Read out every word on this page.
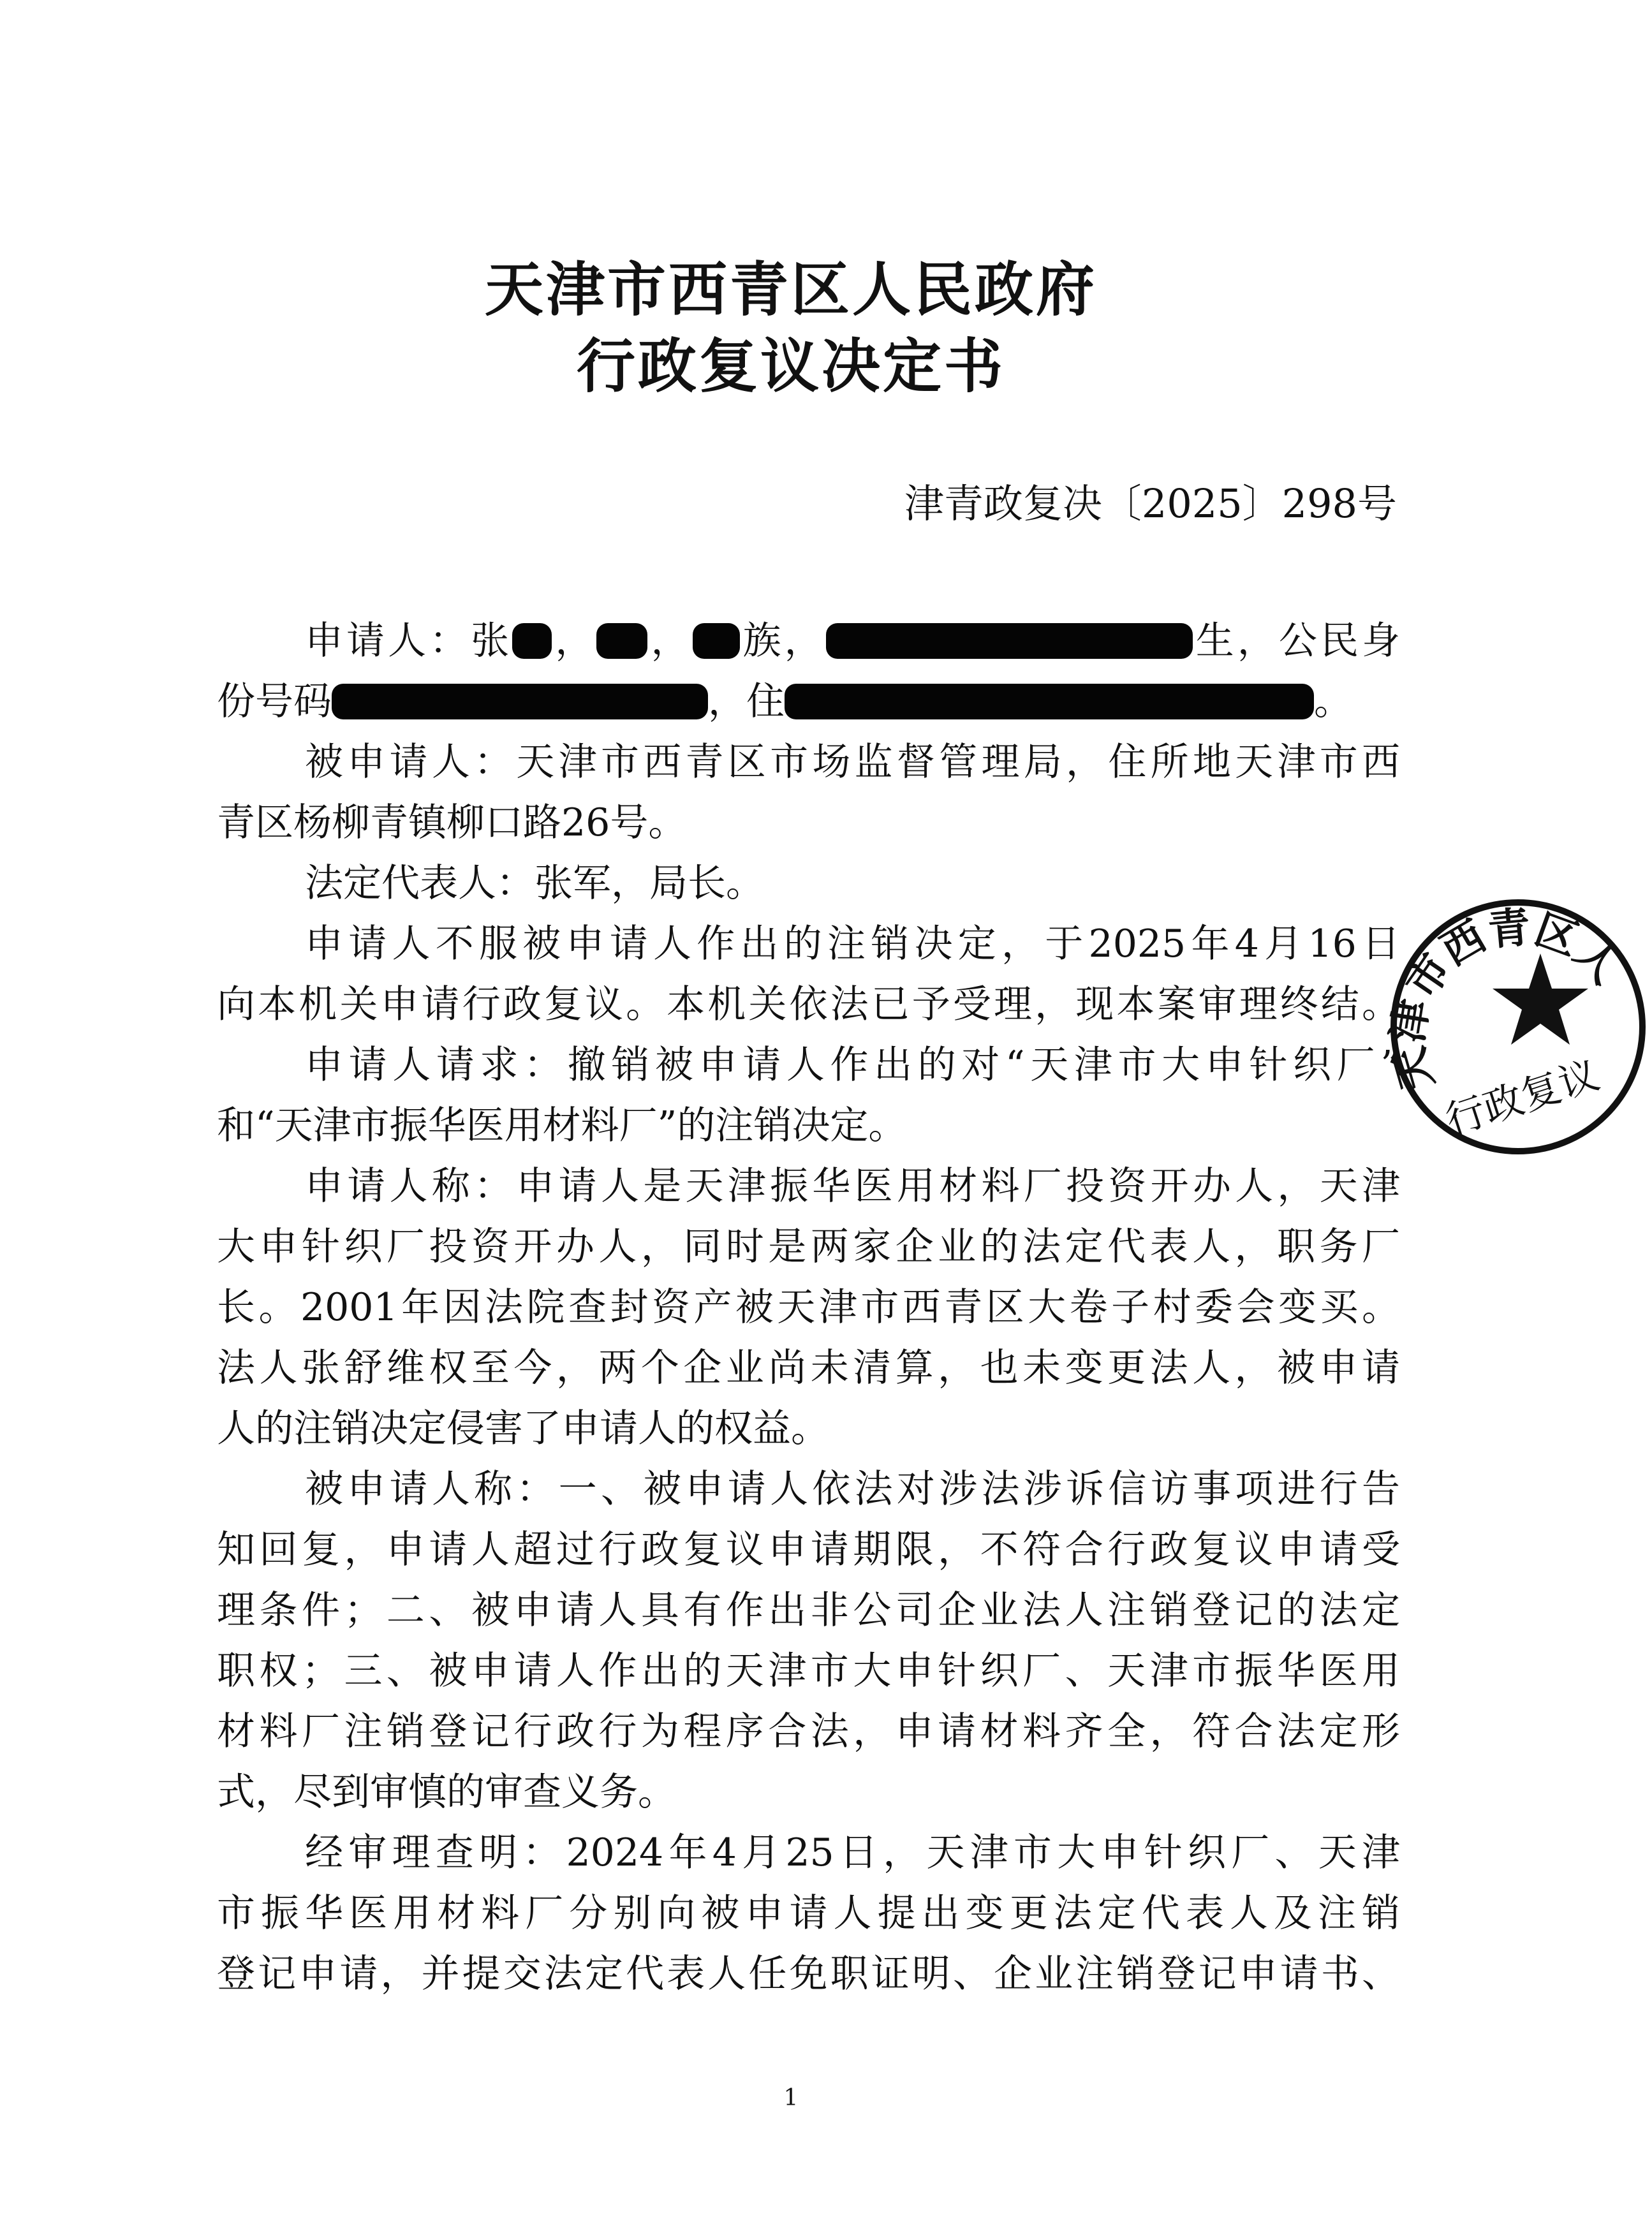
天津市西青区人民政府
行政复议决定书
津青政复决〔2025〕298号
申请人：张 ， ， 族，	生，公民身
份号码	，住	。
被申请人：天津市西青区市场监督管理局，住所地天津市西
青区杨柳青镇柳口路26号。
法定代表人：张军，局长。
申请人不服被申请人作出的注销决定，于2025年4月16日
向本机关申请行政复议。本机关依法已予受理，现本案审理终结。
申请人请求：撤销被申请人作出的对“天津市大申针织厂”
和“天津市振华医用材料厂”的注销决定。
申请人称：申请人是天津振华医用材料厂投资开办人，天津
大申针织厂投资开办人，同时是两家企业的法定代表人，职务厂
长。2001年因法院查封资产被天津市西青区大卷子村委会变买。
法人张舒维权至今，两个企业尚未清算，也未变更法人，被申请
人的注销决定侵害了申请人的权益。
被申请人称：一、被申请人依法对涉法涉诉信访事项进行告
知回复，申请人超过行政复议申请期限，不符合行政复议申请受
理条件；二、被申请人具有作出非公司企业法人注销登记的法定
职权；三、被申请人作出的天津市大申针织厂、天津市振华医用
材料厂注销登记行政行为程序合法，申请材料齐全，符合法定形
式，尽到审慎的审查义务。
经审理查明：2024年4月25日，天津市大申针织厂、天津
市振华医用材料厂分别向被申请人提出变更法定代表人及注销
登记申请，并提交法定代表人任免职证明、企业注销登记申请书、
天津市西青区人
行政复议
1
